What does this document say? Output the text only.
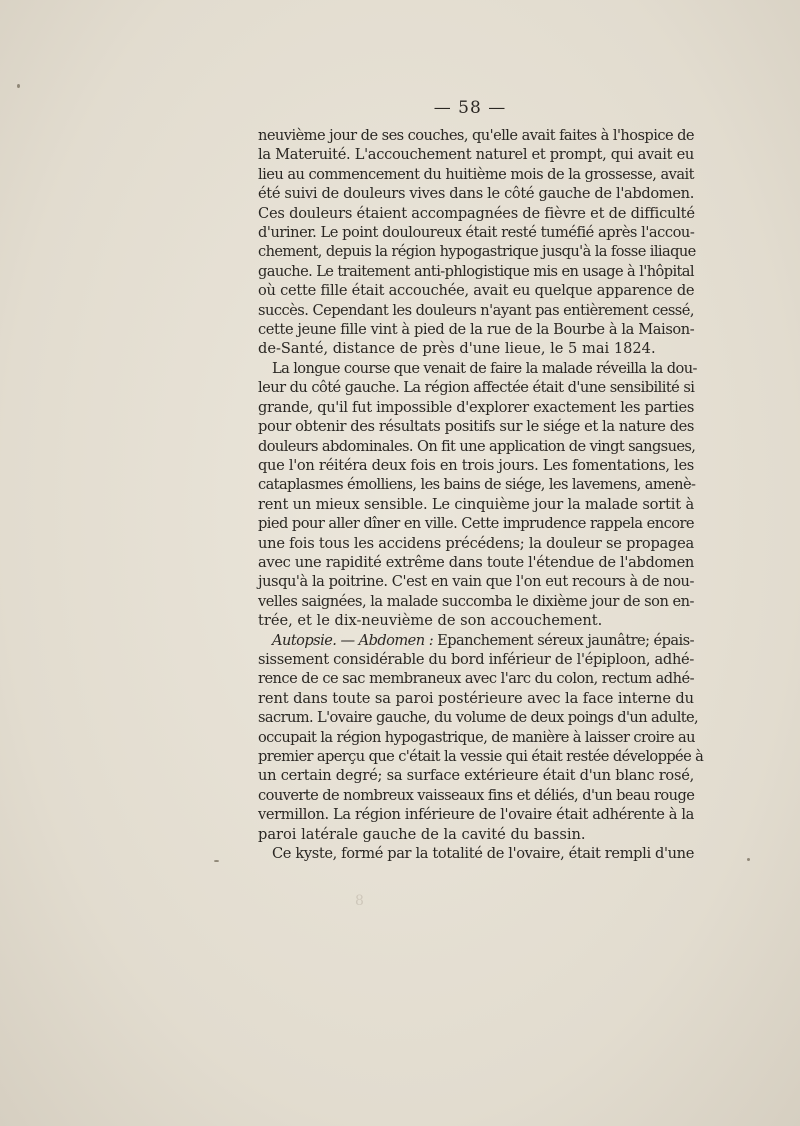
— 58 —
neuvième jour de ses couches, qu'elle avait faites à l'hospice de
la Materuité. L'accouchement naturel et prompt, qui avait eu
lieu au commencement du huitième mois de la grossesse, avait
été suivi de douleurs vives dans le côté gauche de l'abdomen.
Ces douleurs étaient accompagnées de fièvre et de difficulté
d'uriner. Le point douloureux était resté tuméfié après l'accou-
chement, depuis la région hypogastrique jusqu'à la fosse iliaque
gauche. Le traitement anti-phlogistique mis en usage à l'hôpital
où cette fille était accouchée, avait eu quelque apparence de
succès. Cependant les douleurs n'ayant pas entièrement cessé,
cette jeune fille vint à pied de la rue de la Bourbe à la Maison-
de-Santé, distance de près d'une lieue, le 5 mai 1824.
La longue course que venait de faire la malade réveilla la dou-
leur du côté gauche. La région affectée était d'une sensibilité si
grande, qu'il fut impossible d'explorer exactement les parties
pour obtenir des résultats positifs sur le siége et la nature des
douleurs abdominales. On fit une application de vingt sangsues,
que l'on réitéra deux fois en trois jours. Les fomentations, les
cataplasmes émolliens, les bains de siége, les lavemens, amenè-
rent un mieux sensible. Le cinquième jour la malade sortit à
pied pour aller dîner en ville. Cette imprudence rappela encore
une fois tous les accidens précédens; la douleur se propagea
avec une rapidité extrême dans toute l'étendue de l'abdomen
jusqu'à la poitrine. C'est en vain que l'on eut recours à de nou-
velles saignées, la malade succomba le dixième jour de son en-
trée, et le dix-neuvième de son accouchement.
Autopsie. — Abdomen : Epanchement séreux jaunâtre; épais-
sissement considérable du bord inférieur de l'épiploon, adhé-
rence de ce sac membraneux avec l'arc du colon, rectum adhé-
rent dans toute sa paroi postérieure avec la face interne du
sacrum. L'ovaire gauche, du volume de deux poings d'un adulte,
occupait la région hypogastrique, de manière à laisser croire au
premier aperçu que c'était la vessie qui était restée développée à
un certain degré; sa surface extérieure était d'un blanc rosé,
couverte de nombreux vaisseaux fins et déliés, d'un beau rouge
vermillon. La région inférieure de l'ovaire était adhérente à la
paroi latérale gauche de la cavité du bassin.
Ce kyste, formé par la totalité de l'ovaire, était rempli d'une
8
